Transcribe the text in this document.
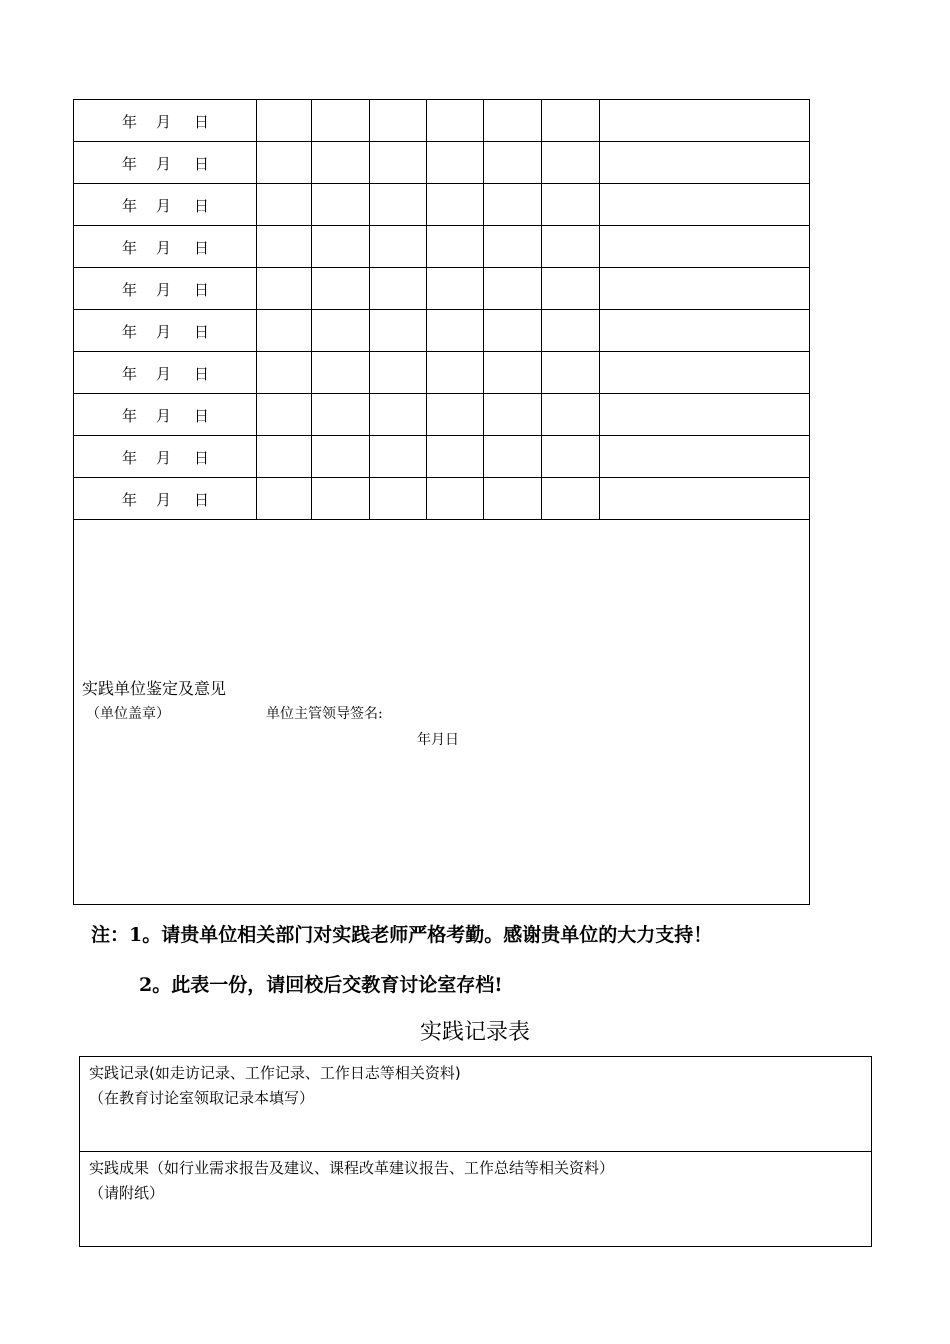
年 月 日							

年 月 日							

年 月 日							

年 月 日							

年 月 日							

年 月 日							

年 月 日							

年 月 日							

年 月 日							

年 月 日							

实践单位鉴定及意见
（单位盖章） 单位主管领导签名:
年月日							
注：1。请贵单位相关部门对实践老师严格考勤。感谢贵单位的大力支持！
2。此表一份，请回校后交教育讨论室存档!
实践记录表
实践记录(如走访记录、工作记录、工作日志等相关资料)
（在教育讨论室领取记录本填写）

实践成果（如行业需求报告及建议、课程改革建议报告、工作总结等相关资料）
（请附纸）
